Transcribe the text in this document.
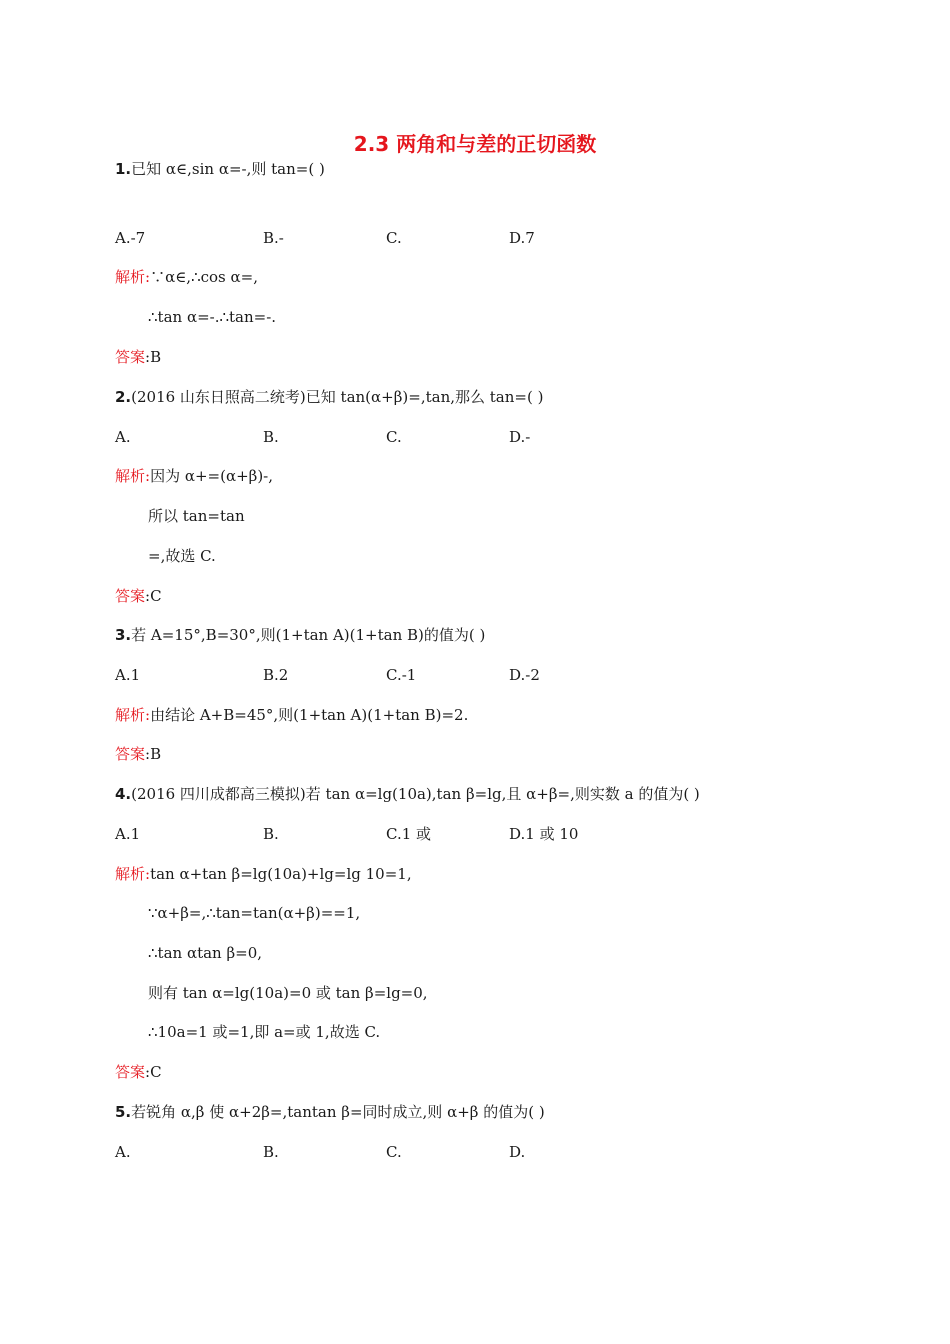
2.3 两角和与差的正切函数
1.已知 α∈,sin α=-,则 tan=( )
A.-7	B.-	C.	D.7
解析:∵α∈,∴cos α=,
∴tan α=-.∴tan=-.
答案:B
2.(2016 山东日照高二统考)已知 tan(α+β)=,tan,那么 tan=( )
A.	B.	C.	D.-
解析:因为 α+=(α+β)-,
所以 tan=tan
=,故选 C.
答案:C
3.若 A=15°,B=30°,则(1+tan A)(1+tan B)的值为( )
A.1	B.2	C.-1	D.-2
解析:由结论 A+B=45°,则(1+tan A)(1+tan B)=2.
答案:B
4.(2016 四川成都高三模拟)若 tan α=lg(10a),tan β=lg,且 α+β=,则实数 a 的值为( )
A.1	B.	C.1 或	D.1 或 10
解析:tan α+tan β=lg(10a)+lg=lg 10=1,
∵α+β=,∴tan=tan(α+β)==1,
∴tan αtan β=0,
则有 tan α=lg(10a)=0 或 tan β=lg=0,
∴10a=1 或=1,即 a=或 1,故选 C.
答案:C
5.若锐角 α,β 使 α+2β=,tantan β=同时成立,则 α+β 的值为( )
A.	B.	C.	D.
